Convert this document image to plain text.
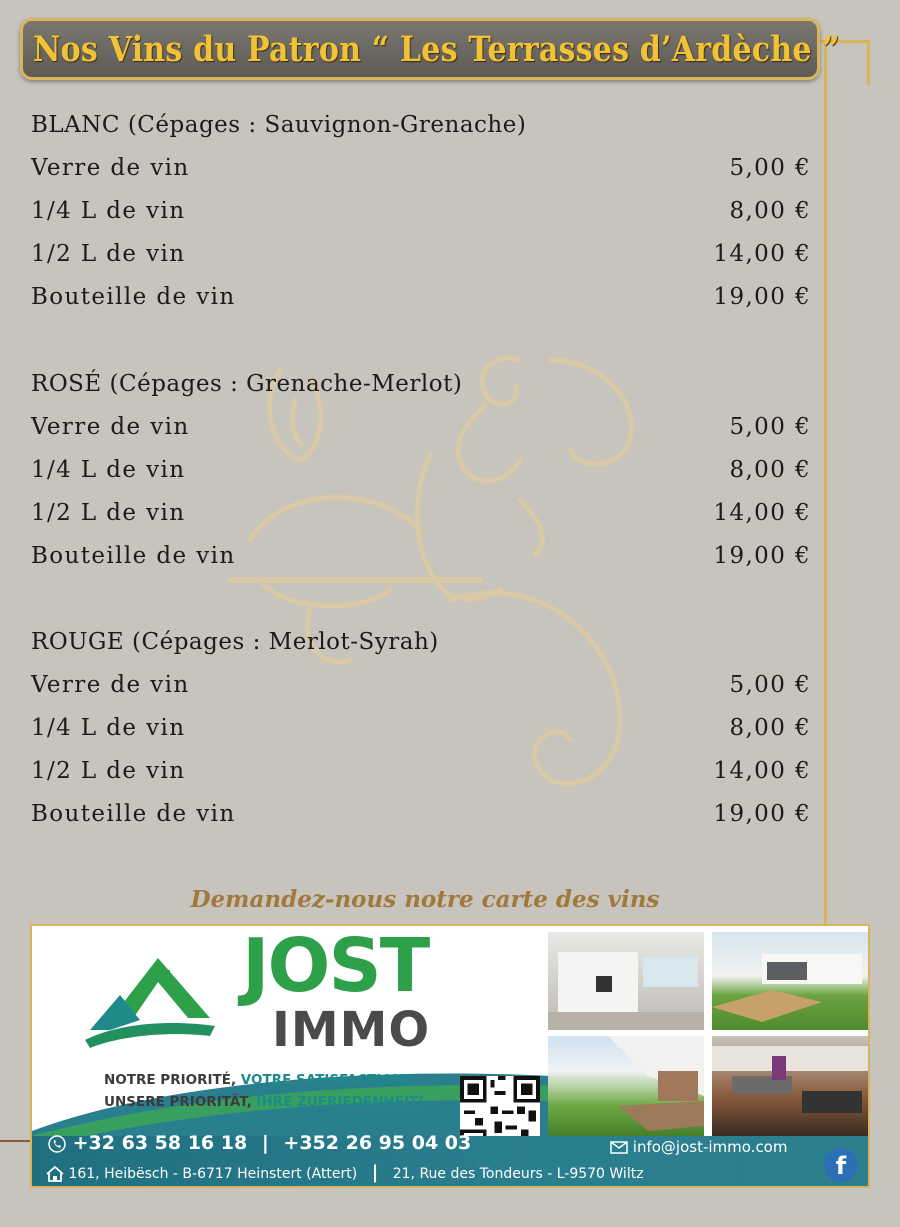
Nos Vins du Patron “ Les Terrasses d’Ardèche ”
BLANC (Cépages : Sauvignon-Grenache)
Verre de vin	5,00 €
1/4 L de vin	8,00 €
1/2 L de vin	14,00 €
Bouteille de vin	19,00 €
ROSÉ (Cépages : Grenache-Merlot)
Verre de vin	5,00 €
1/4 L de vin	8,00 €
1/2 L de vin	14,00 €
Bouteille de vin	19,00 €
ROUGE (Cépages : Merlot-Syrah)
Verre de vin	5,00 €
1/4 L de vin	8,00 €
1/2 L de vin	14,00 €
Bouteille de vin	19,00 €
Demandez-nous notre carte des vins
JOST
IMMO
NOTRE PRIORITÉ, VOTRE SATISFACTION!
UNSERE PRIORITÄT, IHRE ZUFRIEDENHEIT!
+32 63 58 16 18 | +352 26 95 04 03
161, Heibësch - B-6717 Heinstert (Attert) | 21, Rue des Tondeurs - L-9570 Wiltz
info@jost-immo.com
f
